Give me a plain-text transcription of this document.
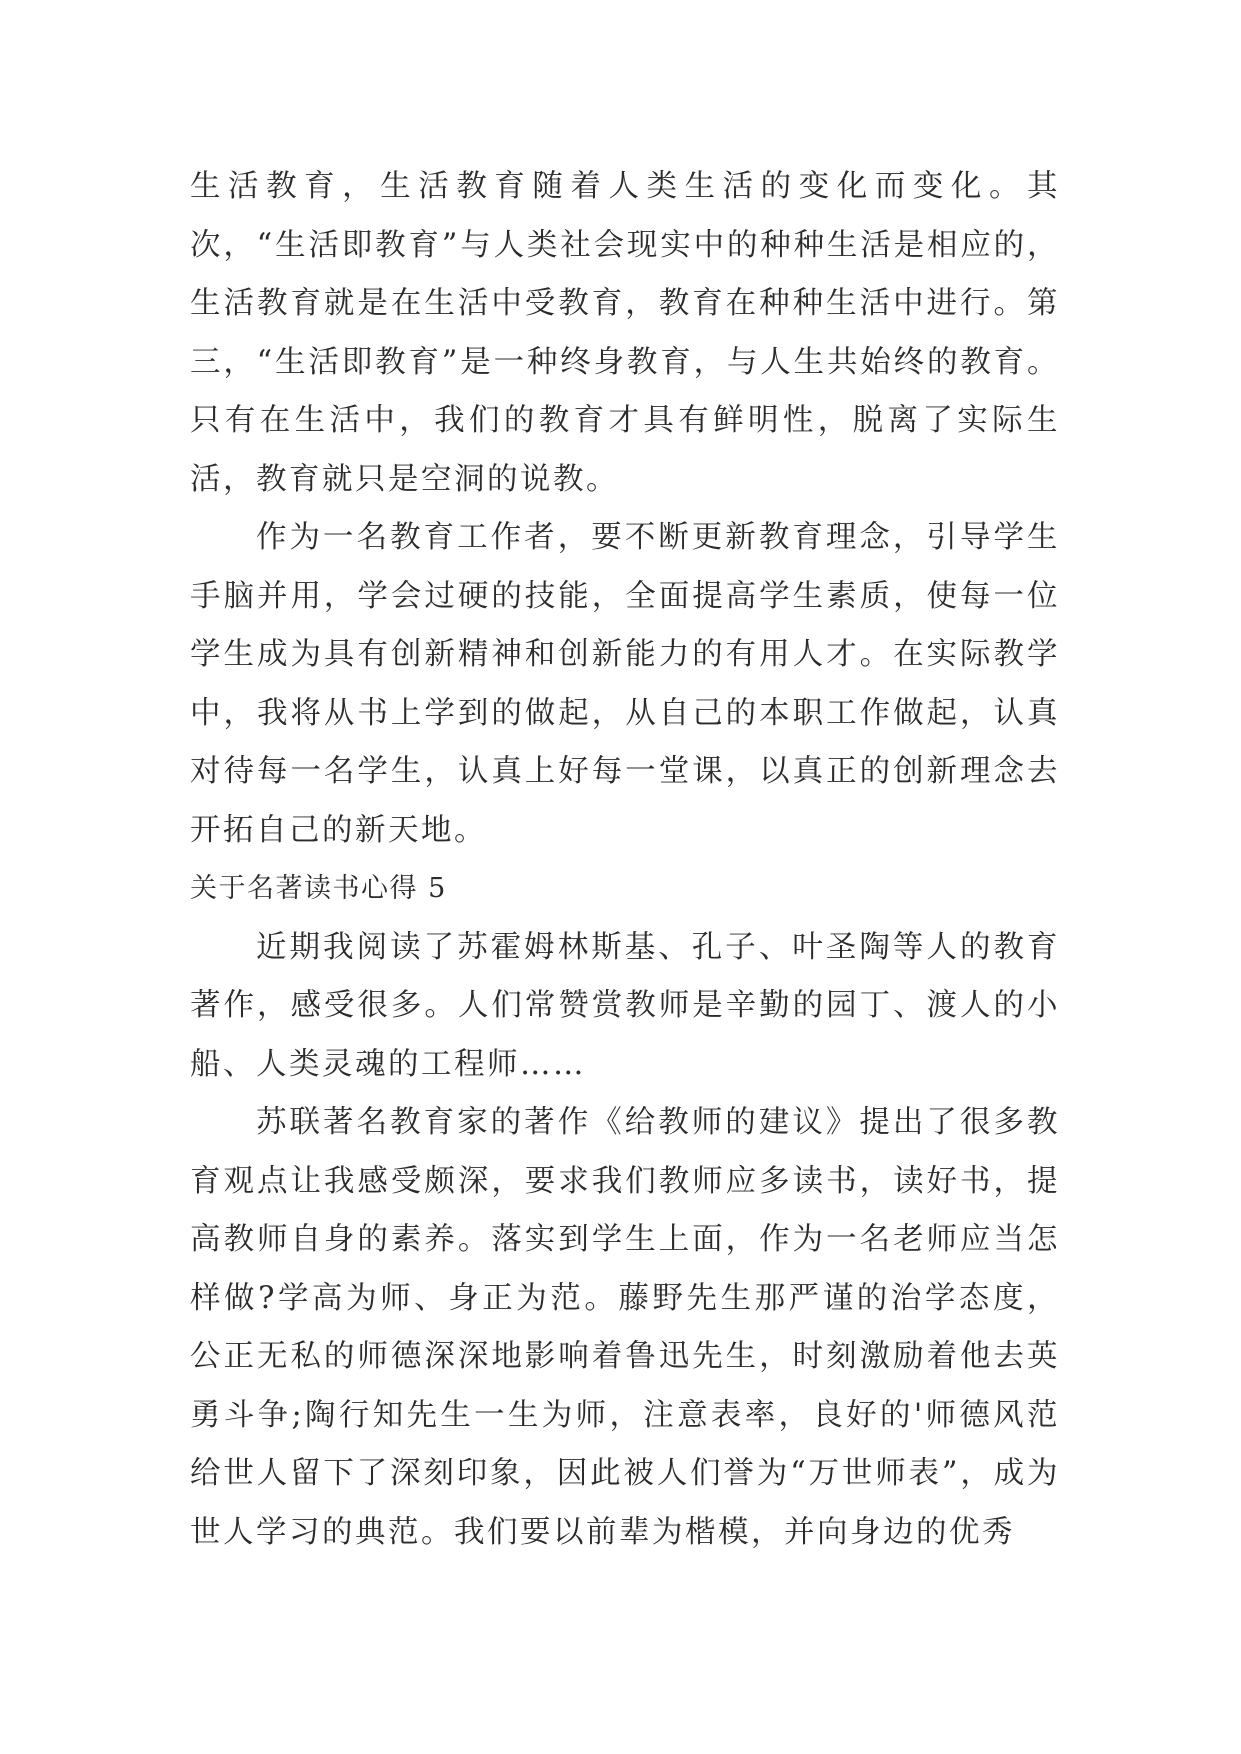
生活教育，生活教育随着人类生活的变化而变化。其次，“生活即教育”与人类社会现实中的种种生活是相应的，生活教育就是在生活中受教育，教育在种种生活中进行。第三，“生活即教育”是一种终身教育，与人生共始终的教育。只有在生活中，我们的教育才具有鲜明性，脱离了实际生活，教育就只是空洞的说教。

作为一名教育工作者，要不断更新教育理念，引导学生手脑并用，学会过硬的技能，全面提高学生素质，使每一位学生成为具有创新精神和创新能力的有用人才。在实际教学中，我将从书上学到的做起，从自己的本职工作做起，认真对待每一名学生，认真上好每一堂课，以真正的创新理念去开拓自己的新天地。

关于名著读书心得 5

近期我阅读了苏霍姆林斯基、孔子、叶圣陶等人的教育著作，感受很多。人们常赞赏教师是辛勤的园丁、渡人的小船、人类灵魂的工程师……

苏联著名教育家的著作《给教师的建议》提出了很多教育观点让我感受颇深，要求我们教师应多读书，读好书，提高教师自身的素养。落实到学生上面，作为一名老师应当怎样做?学高为师、身正为范。藤野先生那严谨的治学态度，公正无私的师德深深地影响着鲁迅先生，时刻激励着他去英勇斗争;陶行知先生一生为师，注意表率，良好的'师德风范给世人留下了深刻印象，因此被人们誉为“万世师表”，成为世人学习的典范。我们要以前辈为楷模，并向身边的优秀
